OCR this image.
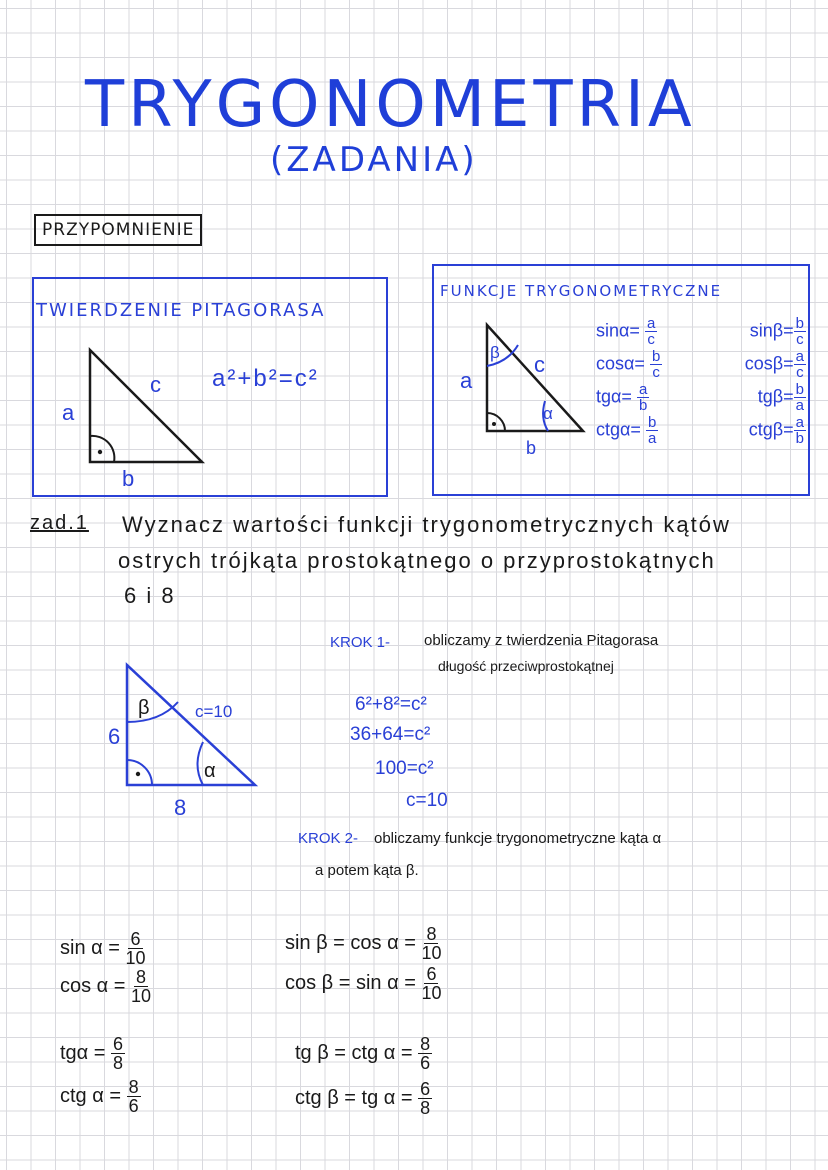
TRYGONOMETRIA
(ZADANIA)
PRZYPOMNIENIE
TWIERDZENIE PITAGORASA
a
b
c a²+b²=c²
FUNKCJE TRYGONOMETRYCZNE
a
b
c
β
α
$\sin\alpha= \frac{a}{c}$	$\sin\beta= \frac{b}{c}$
$\cos\alpha= \frac{b}{c}$	$\cos\beta= \frac{a}{c}$
$tg\alpha= \frac{a}{b}$	$tg\beta= \frac{b}{a}$
$ctg\alpha= \frac{b}{a}$	$ctg\beta= \frac{a}{b}$
zad.1 Wyznacz wartości funkcji trygonometrycznych kątów
ostrych trójkąta prostokątnego o przyprostokątnych
6 i 8
6
8
c=10
β
α
KROK 1- obliczamy z twierdzenia Pitagorasa
długość przeciwprostokątnej
6²+8²=c²
36+64=c²
100=c²
c=10
KROK 2- obliczamy funkcje trygonometryczne kąta α
a potem kąta β.
$\sin \alpha = \frac{6}{10}$
$\cos \alpha = \frac{8}{10}$
$tg\alpha = \frac{6}{8}$
ctg $\alpha = \frac{8}{6}$
$\sin \beta = \cos \alpha = \frac{8}{10}$
$\cos \beta = \sin \alpha = \frac{6}{10}$
tg β = ctg $\alpha = \frac{8}{6}$
ctg β = tg $\alpha = \frac{6}{8}$
